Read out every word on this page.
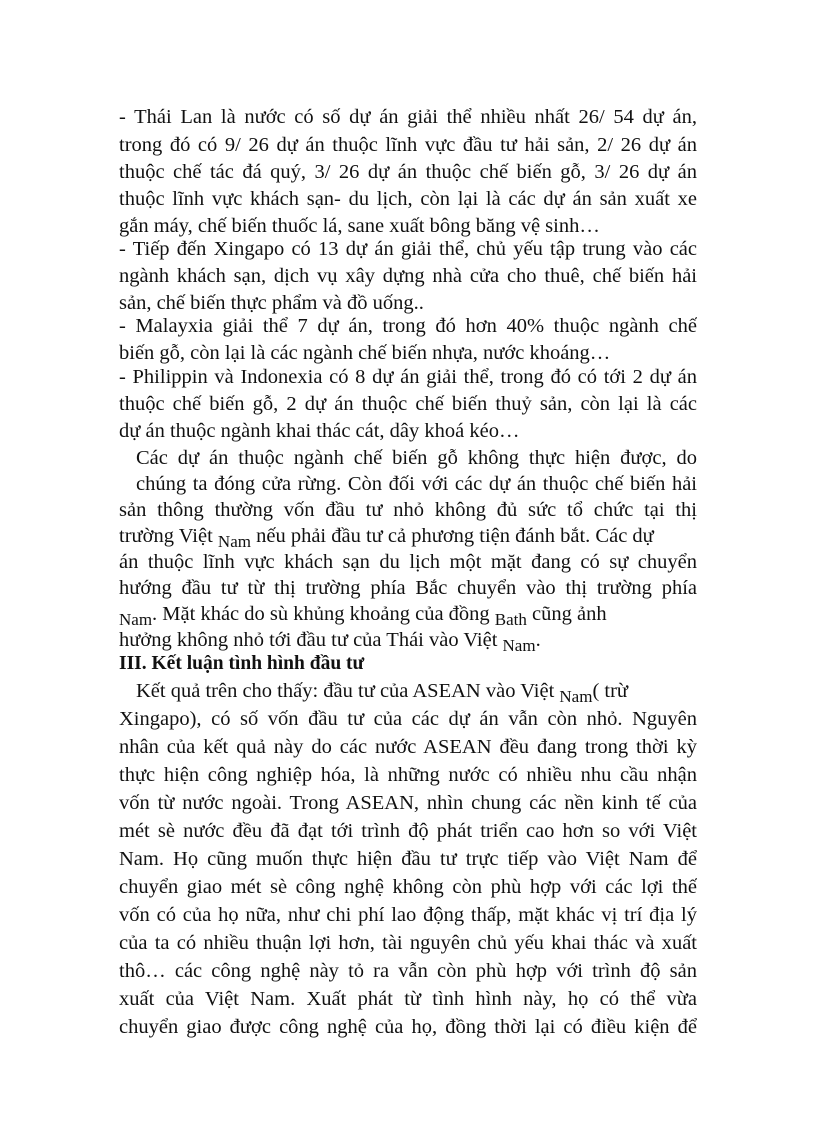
- Thái Lan là nước có số dự án giải thể nhiều nhất 26/ 54 dự án,
trong đó có 9/ 26 dự án thuộc lĩnh vực đầu tư hải sản, 2/ 26 dự án
thuộc chế tác đá quý, 3/ 26 dự án thuộc chế biến gỗ, 3/ 26 dự án
thuộc lĩnh vực khách sạn- du lịch, còn lại là các dự án sản xuất xe
gắn máy, chế biến thuốc lá, sane xuất bông băng vệ sinh…
- Tiếp đến Xingapo có 13 dự án giải thể, chủ yếu tập trung vào các
ngành khách sạn, dịch vụ xây dựng nhà cửa cho thuê, chế biến hải
sản, chế biến thực phẩm và đồ uống..
- Malayxia giải thể 7 dự án, trong đó hơn 40% thuộc ngành chế
biến gỗ, còn lại là các ngành chế biến nhựa, nước khoáng…
- Philippin và Indonexia có 8 dự án giải thể, trong đó có tới 2 dự án
thuộc chế biến gỗ, 2 dự án thuộc chế biến thuỷ sản, còn lại là các
dự án thuộc ngành khai thác cát, dây khoá kéo…
Các dự án thuộc ngành chế biến gỗ không thực hiện được, do
chúng ta đóng cửa rừng. Còn đối với các dự án thuộc chế biến hải
sản thông thường vốn đầu tư nhỏ không đủ sức tổ chức tại thị
trường Việt $_{Nam}$ nếu phải đầu tư cả phương tiện đánh bắt. Các dự
án thuộc lĩnh vực khách sạn du lịch một mặt đang có sự chuyển
hướng đầu tư từ thị trường phía Bắc chuyển vào thị trường phía
$_{Nam}$. Mặt khác do sù khủng khoảng của đồng $_{Bath}$ cũng ảnh
hưởng không nhỏ tới đầu tư của Thái vào Việt $_{Nam}$.
III. Kết luận tình hình đầu tư
Kết quả trên cho thấy: đầu tư của ASEAN vào Việt $_{Nam}$( trừ
Xingapo), có số vốn đầu tư của các dự án vẫn còn nhỏ. Nguyên
nhân của kết quả này do các nước ASEAN đều đang trong thời kỳ
thực hiện công nghiệp hóa, là những nước có nhiều nhu cầu nhận
vốn từ nước ngoài. Trong ASEAN, nhìn chung các nền kinh tế của
mét sè nước đều đã đạt tới trình độ phát triển cao hơn so với Việt
Nam. Họ cũng muốn thực hiện đầu tư trực tiếp vào Việt Nam để
chuyển giao mét sè công nghệ không còn phù hợp với các lợi thế
vốn có của họ nữa, như chi phí lao động thấp, mặt khác vị trí địa lý
của ta có nhiều thuận lợi hơn, tài nguyên chủ yếu khai thác và xuất
thô… các công nghệ này tỏ ra vẫn còn phù hợp với trình độ sản
xuất của Việt Nam. Xuất phát từ tình hình này, họ có thể vừa
chuyển giao được công nghệ của họ, đồng thời lại có điều kiện để
